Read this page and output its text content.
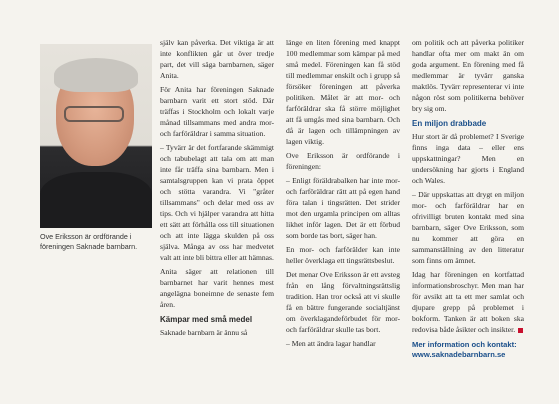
Ove Eriksson är ordförande i föreningen Saknade barnbarn.

själv kan påverka. Det viktiga är att inte konflikten går ut över tredje part, det vill säga barnbarnen, säger Anita.

För Anita har föreningen Saknade barnbarn varit ett stort stöd. Där träffas i Stockholm och lokalt varje månad tillsammans med andra mor- och farföräldrar i samma situation.

– Tyvärr är det fortfarande skämmigt och tabubelagt att tala om att man inte får träffa sina barnbarn. Men i samtalsgruppen kan vi prata öppet och stötta varandra. Vi "gråter tillsammans" och delar med oss av tips. Och vi hjälper varandra att hitta ett sätt att förhålla oss till situationen och att inte lägga skulden på oss själva. Många av oss har medvetet valt att inte bli bittra eller att hämnas.

Anita säger att relationen till barnbarnet har varit hennes mest angelägna boneimne de senaste fem åren.

Kämpar med små medel

Saknade barnbarn är ännu så

länge en liten förening med knappt 100 medlemmar som kämpar på med små medel. Föreningen kan få stöd till medlemmar enskilt och i grupp så försöker föreningen att påverka politiken. Målet är att mor- och farföräldrar ska få större möjlighet att få umgås med sina barnbarn. Och då är lagen och tillämpningen av lagen viktig.

Ove Eriksson är ordförande i föreningen:

– Enligt föräldrabalken har inte mor- och farföräldrar rätt att på egen hand föra talan i tingsrätten. Det strider mot den urgamla principen om alltas likhet inför lagen. Det är ett förbud som borde tas bort, säger han.

En mor- och farförälder kan inte heller överklaga ett tingsrättsbeslut.

Det menar Ove Eriksson är ett avsteg från en lång förvaltningsrättslig tradition. Han tror också att vi skulle få en bättre fungerande socialtjänst om överklagandeförbudet för mor- och farföräldrar skulle tas bort.

– Men att ändra lagar handlar

om politik och att påverka politiker handlar ofta mer om makt än om goda argument. En förening med få medlemmar är tyvärr ganska maktlös. Tyvärr representerar vi inte någon röst som politikerna behöver bry sig om.

En miljon drabbade

Hur stort är då problemet? I Sverige finns inga data – eller ens uppskattningar? Men en undersökning har gjorts i England och Wales.

– Där uppskattas att drygt en miljon mor- och farföräldrar har en ofrivilligt bruten kontakt med sina barnbarn, säger Ove Eriksson, som nu kommer att göra en sammanställning av den litteratur som finns om ämnet.

Idag har föreningen en kortfattad informationsbroschyr. Men man har för avsikt att ta ett mer samlat och djupare grepp på problemet i bokform. Tanken är att boken ska redovisa både åsikter och insikter.

Mer information och kontakt:
www.saknadebarnbarn.se
